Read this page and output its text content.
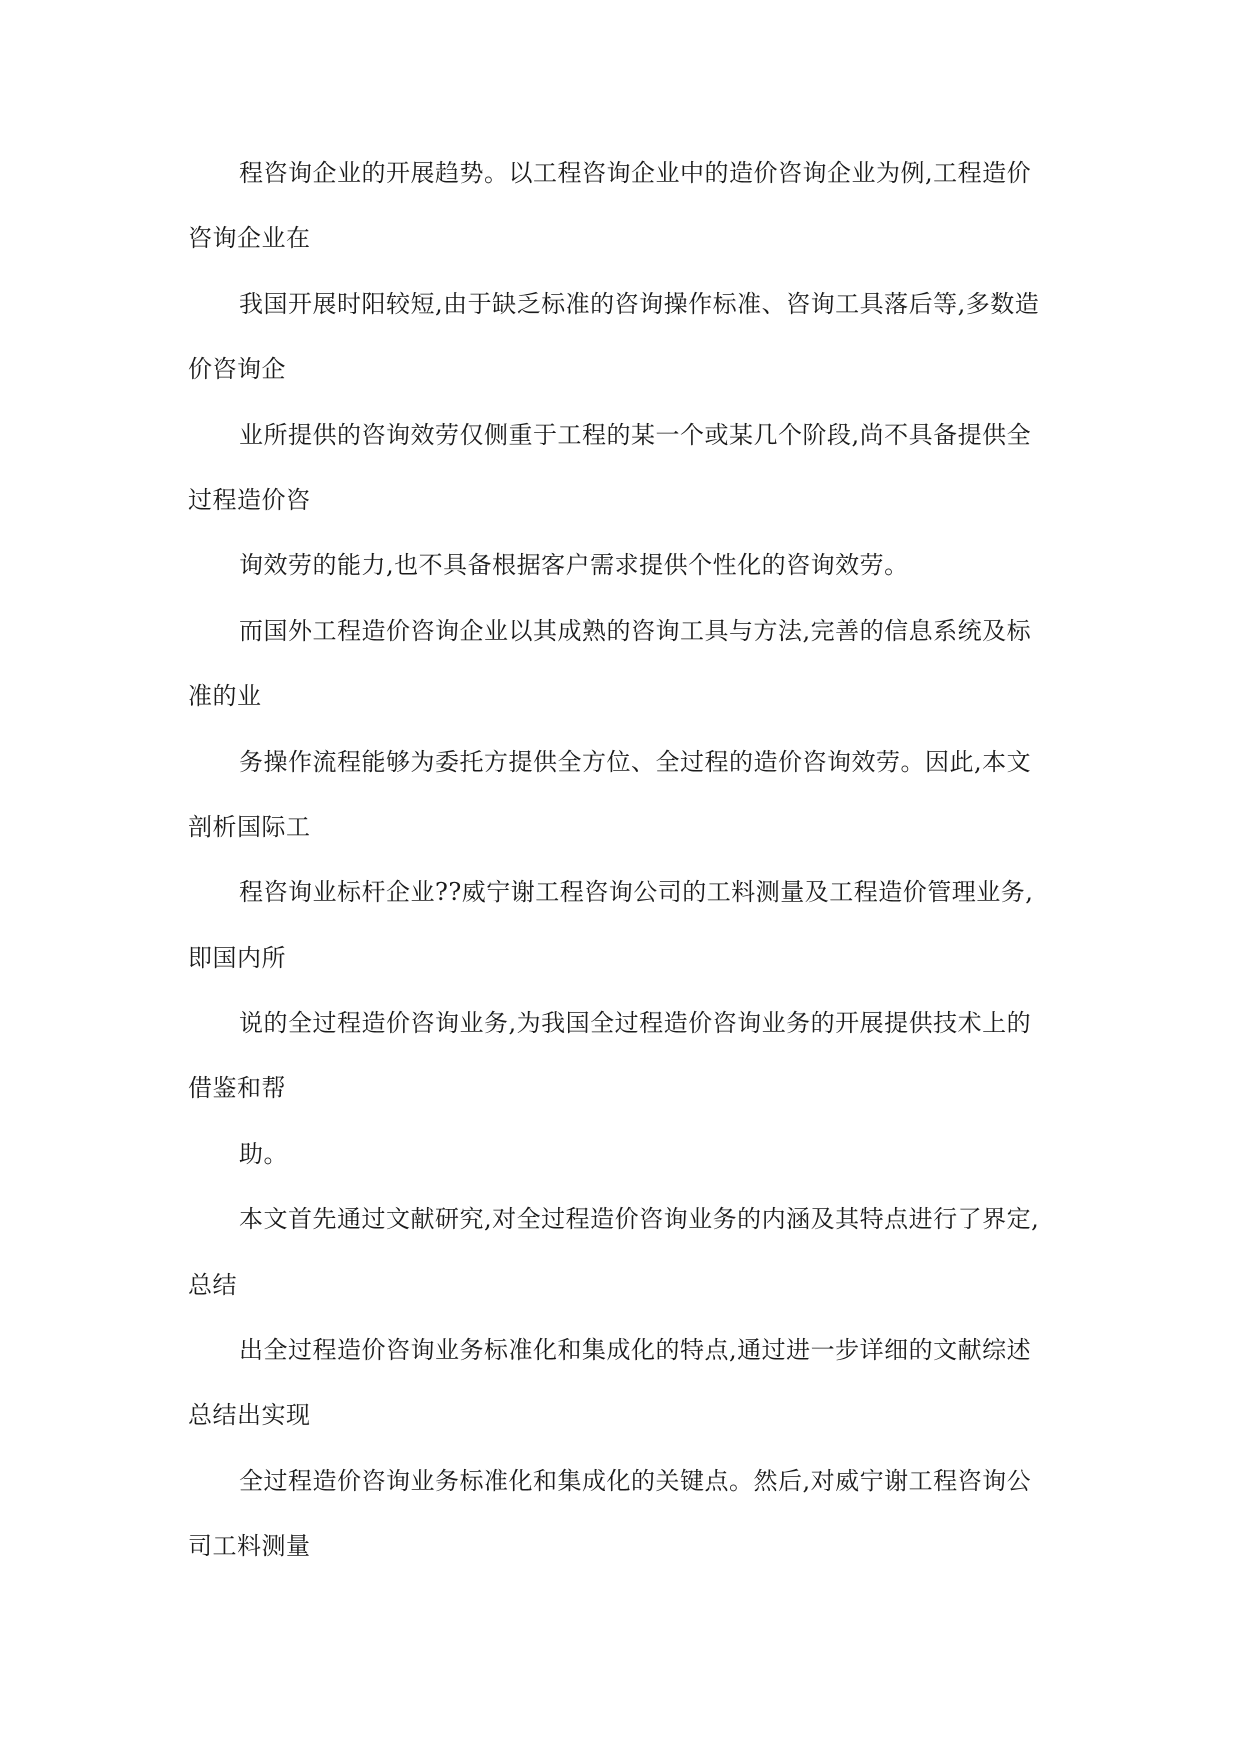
程咨询企业的开展趋势。以工程咨询企业中的造价咨询企业为例,工程造价
咨询企业在
我国开展时阳较短,由于缺乏标准的咨询操作标准、咨询工具落后等,多数造
价咨询企
业所提供的咨询效劳仅侧重于工程的某一个或某几个阶段,尚不具备提供全
过程造价咨
询效劳的能力,也不具备根据客户需求提供个性化的咨询效劳。
而国外工程造价咨询企业以其成熟的咨询工具与方法,完善的信息系统及标
准的业
务操作流程能够为委托方提供全方位、全过程的造价咨询效劳。因此,本文
剖析国际工
程咨询业标杆企业??威宁谢工程咨询公司的工料测量及工程造价管理业务,
即国内所
说的全过程造价咨询业务,为我国全过程造价咨询业务的开展提供技术上的
借鉴和帮
助。
本文首先通过文献研究,对全过程造价咨询业务的内涵及其特点进行了界定,
总结
出全过程造价咨询业务标准化和集成化的特点,通过进一步详细的文献综述
总结出实现
全过程造价咨询业务标准化和集成化的关键点。然后,对威宁谢工程咨询公
司工料测量
